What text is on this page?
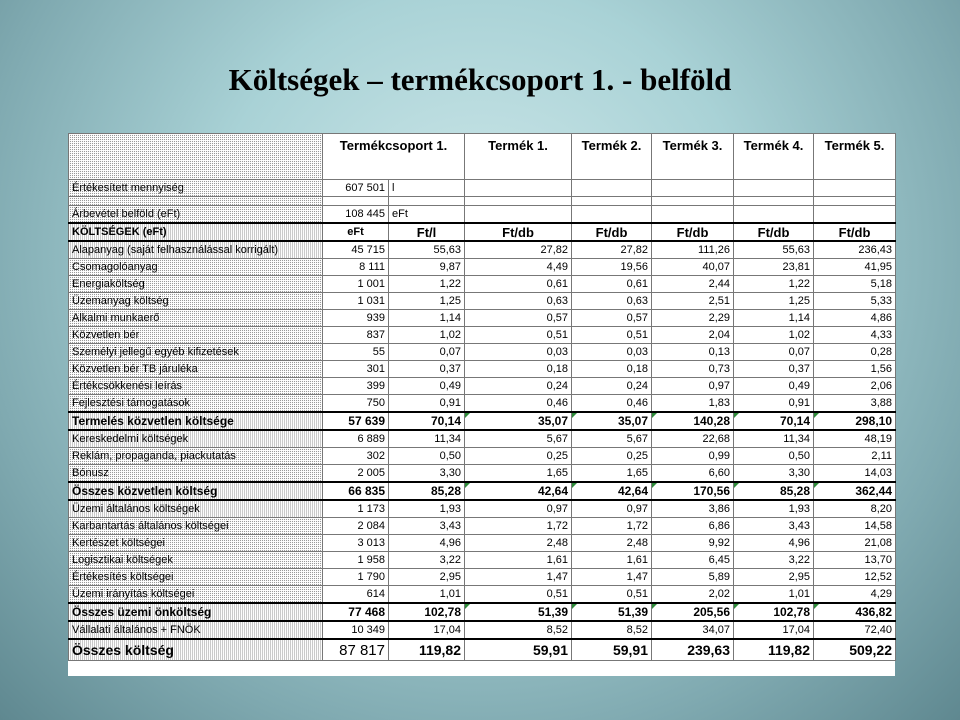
Költségek – termékcsoport 1. - belföld
	Termékcsoport 1.		Termék 1.	Termék 2.	Termék 3.	Termék 4.	Termék 5.
Értékesített mennyiség	607 501	l					

Árbevétel belföld (eFt)	108 445	eFt					
KÖLTSÉGEK (eFt)	eFt	Ft/l	Ft/db	Ft/db	Ft/db	Ft/db	Ft/db
Alapanyag (saját felhasználással korrigált)	45 715	55,63	27,82	27,82	111,26	55,63	236,43
Csomagolóanyag	8 111	9,87	4,49	19,56	40,07	23,81	41,95
Energiaköltség	1 001	1,22	0,61	0,61	2,44	1,22	5,18
Üzemanyag költség	1 031	1,25	0,63	0,63	2,51	1,25	5,33
Alkalmi munkaerő	939	1,14	0,57	0,57	2,29	1,14	4,86
Közvetlen bér	837	1,02	0,51	0,51	2,04	1,02	4,33
Személyi jellegű egyéb kifizetések	55	0,07	0,03	0,03	0,13	0,07	0,28
Közvetlen bér TB járuléka	301	0,37	0,18	0,18	0,73	0,37	1,56
Értékcsökkenési leírás	399	0,49	0,24	0,24	0,97	0,49	2,06
Fejlesztési támogatások	750	0,91	0,46	0,46	1,83	0,91	3,88
Termelés közvetlen költsége	57 639	70,14	35,07	35,07	140,28	70,14	298,10
Kereskedelmi költségek	6 889	11,34	5,67	5,67	22,68	11,34	48,19
Reklám, propaganda, piackutatás	302	0,50	0,25	0,25	0,99	0,50	2,11
Bónusz	2 005	3,30	1,65	1,65	6,60	3,30	14,03
Összes közvetlen költség	66 835	85,28	42,64	42,64	170,56	85,28	362,44
Üzemi általános költségek	1 173	1,93	0,97	0,97	3,86	1,93	8,20
Karbantartás általános költségei	2 084	3,43	1,72	1,72	6,86	3,43	14,58
Kertészet költségei	3 013	4,96	2,48	2,48	9,92	4,96	21,08
Logisztikai költségek	1 958	3,22	1,61	1,61	6,45	3,22	13,70
Értékesítés költségei	1 790	2,95	1,47	1,47	5,89	2,95	12,52
Üzemi irányítás költségei	614	1,01	0,51	0,51	2,02	1,01	4,29
Összes üzemi önköltség	77 468	102,78	51,39	51,39	205,56	102,78	436,82
Vállalati általános + FNÖK	10 349	17,04	8,52	8,52	34,07	17,04	72,40
Összes költség	87 817	119,82	59,91	59,91	239,63	119,82	509,22
